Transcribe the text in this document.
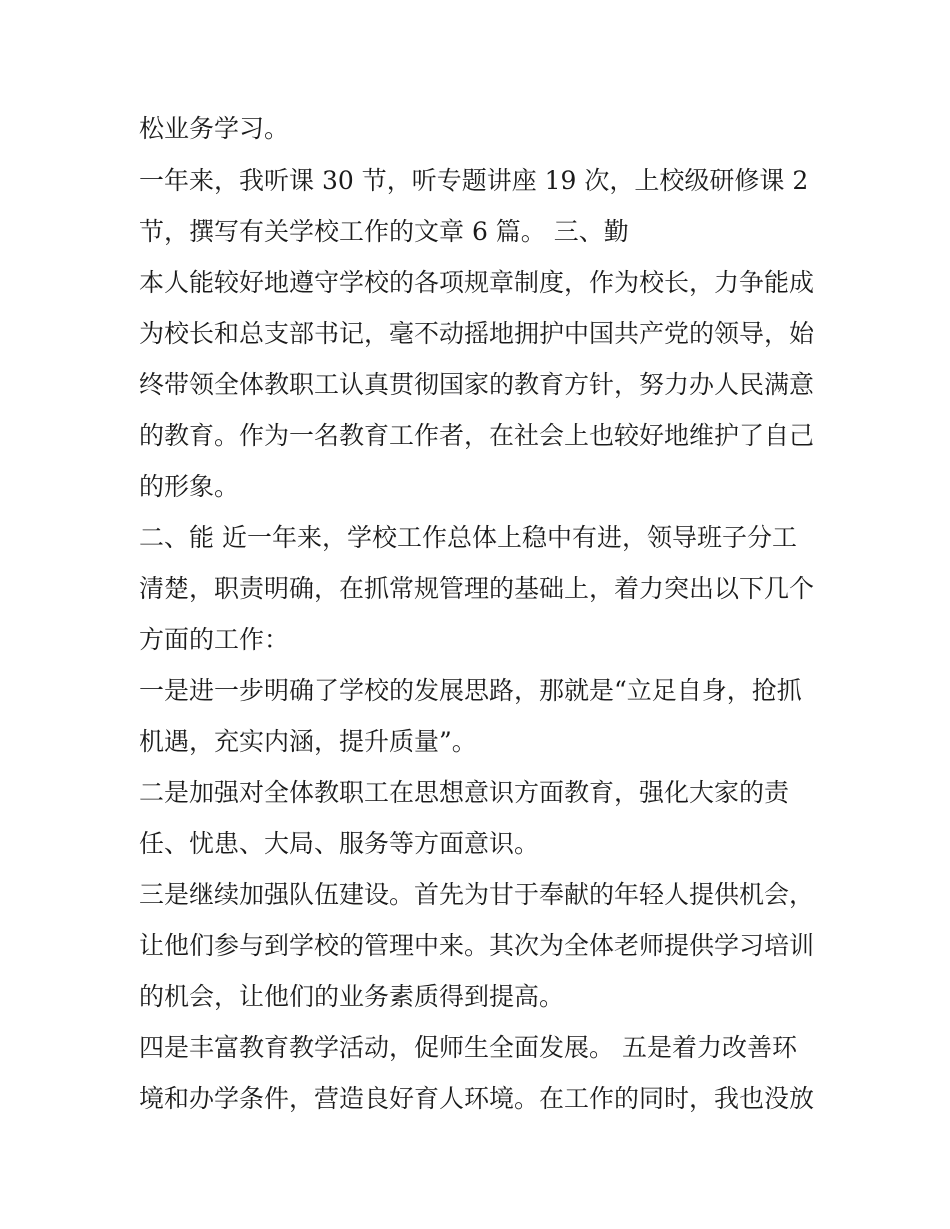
松业务学习。

一年来，我听课 30 节，听专题讲座 19 次，上校级研修课 2

节，撰写有关学校工作的文章 6 篇。 三、勤

本人能较好地遵守学校的各项规章制度，作为校长，力争能成

为校长和总支部书记，毫不动摇地拥护中国共产党的领导，始

终带领全体教职工认真贯彻国家的教育方针，努力办人民满意

的教育。作为一名教育工作者，在社会上也较好地维护了自己

的形象。

二、能 近一年来，学校工作总体上稳中有进，领导班子分工

清楚，职责明确，在抓常规管理的基础上，着力突出以下几个

方面的工作：

一是进一步明确了学校的发展思路，那就是“立足自身，抢抓

机遇，充实内涵，提升质量”。

二是加强对全体教职工在思想意识方面教育，强化大家的责

任、忧患、大局、服务等方面意识。

三是继续加强队伍建设。首先为甘于奉献的年轻人提供机会，

让他们参与到学校的管理中来。其次为全体老师提供学习培训

的机会，让他们的业务素质得到提高。

四是丰富教育教学活动，促师生全面发展。 五是着力改善环

境和办学条件，营造良好育人环境。在工作的同时，我也没放
